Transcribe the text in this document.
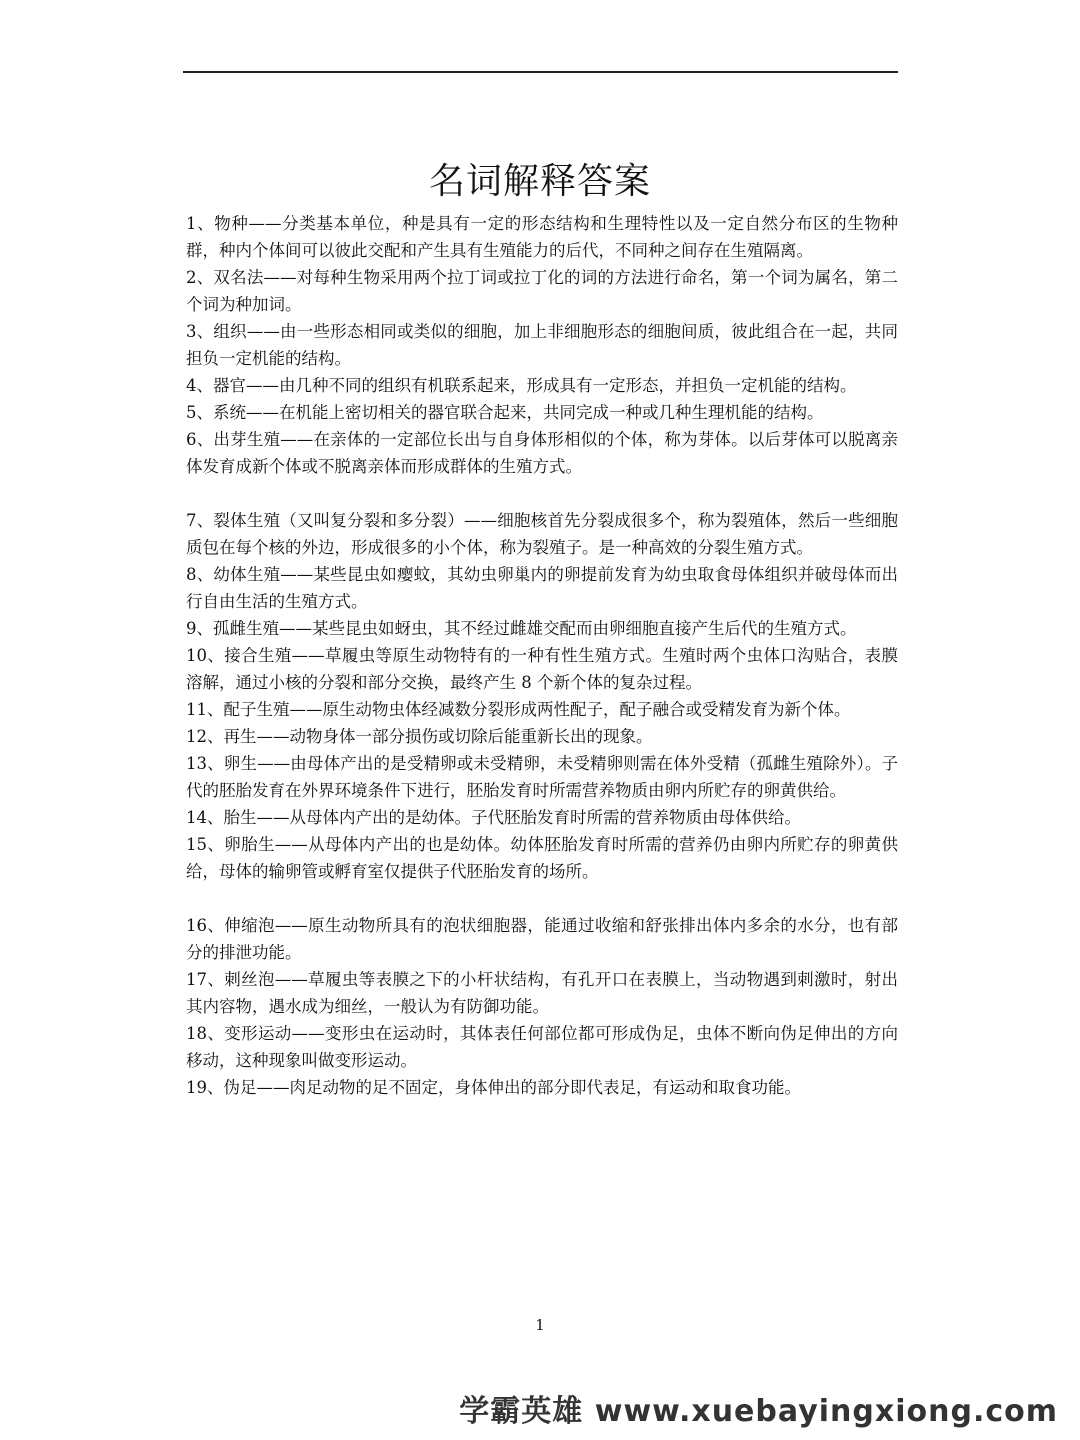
名词解释答案

1、物种——分类基本单位，种是具有一定的形态结构和生理特性以及一定自然分布区的生物种群，种内个体间可以彼此交配和产生具有生殖能力的后代，不同种之间存在生殖隔离。

2、双名法——对每种生物采用两个拉丁词或拉丁化的词的方法进行命名，第一个词为属名，第二个词为种加词。

3、组织——由一些形态相同或类似的细胞，加上非细胞形态的细胞间质，彼此组合在一起，共同担负一定机能的结构。

4、器官——由几种不同的组织有机联系起来，形成具有一定形态，并担负一定机能的结构。

5、系统——在机能上密切相关的器官联合起来，共同完成一种或几种生理机能的结构。

6、出芽生殖——在亲体的一定部位长出与自身体形相似的个体，称为芽体。以后芽体可以脱离亲体发育成新个体或不脱离亲体而形成群体的生殖方式。

7、裂体生殖（又叫复分裂和多分裂）——细胞核首先分裂成很多个，称为裂殖体，然后一些细胞质包在每个核的外边，形成很多的小个体，称为裂殖子。是一种高效的分裂生殖方式。

8、幼体生殖——某些昆虫如瘿蚊，其幼虫卵巢内的卵提前发育为幼虫取食母体组织并破母体而出行自由生活的生殖方式。

9、孤雌生殖——某些昆虫如蚜虫，其不经过雌雄交配而由卵细胞直接产生后代的生殖方式。

10、接合生殖——草履虫等原生动物特有的一种有性生殖方式。生殖时两个虫体口沟贴合，表膜溶解，通过小核的分裂和部分交换，最终产生 8 个新个体的复杂过程。

11、配子生殖——原生动物虫体经减数分裂形成两性配子，配子融合或受精发育为新个体。

12、再生——动物身体一部分损伤或切除后能重新长出的现象。

13、卵生——由母体产出的是受精卵或未受精卵，未受精卵则需在体外受精（孤雌生殖除外）。子代的胚胎发育在外界环境条件下进行，胚胎发育时所需营养物质由卵内所贮存的卵黄供给。

14、胎生——从母体内产出的是幼体。子代胚胎发育时所需的营养物质由母体供给。

15、卵胎生——从母体内产出的也是幼体。幼体胚胎发育时所需的营养仍由卵内所贮存的卵黄供给，母体的输卵管或孵育室仅提供子代胚胎发育的场所。

16、伸缩泡——原生动物所具有的泡状细胞器，能通过收缩和舒张排出体内多余的水分，也有部分的排泄功能。

17、刺丝泡——草履虫等表膜之下的小杆状结构，有孔开口在表膜上，当动物遇到刺激时，射出其内容物，遇水成为细丝，一般认为有防御功能。

18、变形运动——变形虫在运动时，其体表任何部位都可形成伪足，虫体不断向伪足伸出的方向移动，这种现象叫做变形运动。

19、伪足——肉足动物的足不固定，身体伸出的部分即代表足，有运动和取食功能。

1
学霸英雄 www.xuebayingxiong.com
